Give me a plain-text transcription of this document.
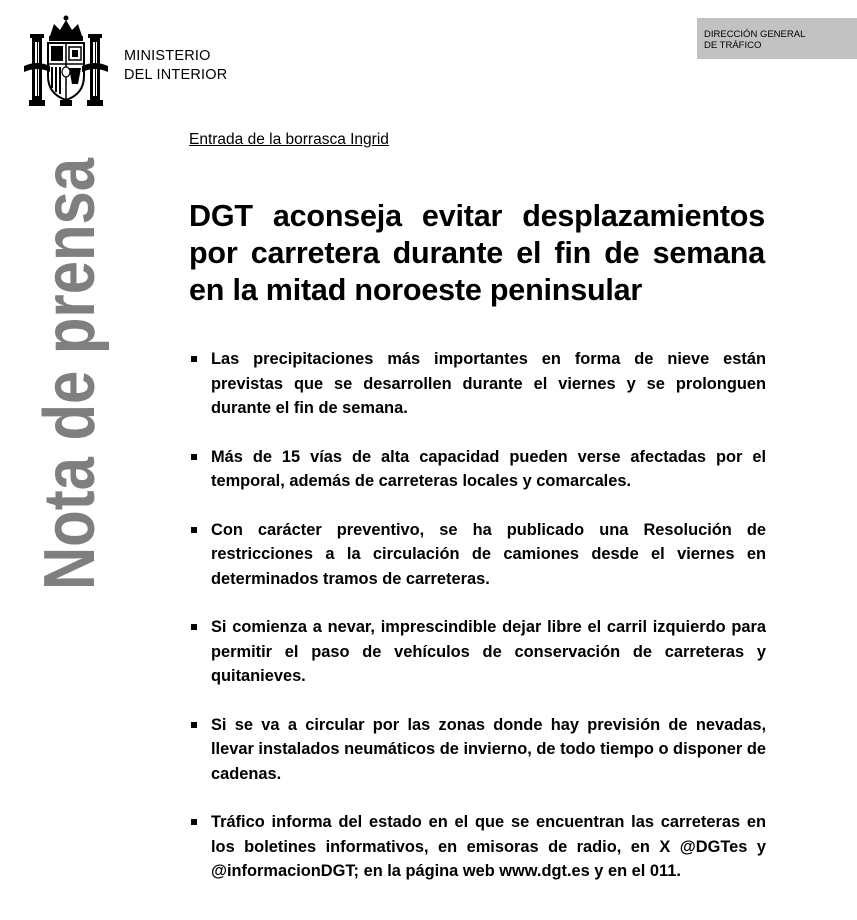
MINISTERIO
DEL INTERIOR
DIRECCIÓN GENERAL
DE TRÁFICO
Nota de prensa	Entrada de la borrasca Ingrid
DGT aconseja evitar desplazamientos por carretera durante el fin de semana en la mitad noroeste peninsular
Las precipitaciones más importantes en forma de nieve están previstas que se desarrollen durante el viernes y se prolonguen durante el fin de semana.
Más de 15 vías de alta capacidad pueden verse afectadas por el temporal, además de carreteras locales y comarcales.
Con carácter preventivo, se ha publicado una Resolución de restricciones a la circulación de camiones desde el viernes en determinados tramos de carreteras.
Si comienza a nevar, imprescindible dejar libre el carril izquierdo para permitir el paso de vehículos de conservación de carreteras y quitanieves.
Si se va a circular por las zonas donde hay previsión de nevadas, llevar instalados neumáticos de invierno, de todo tiempo o disponer de cadenas.
Tráfico informa del estado en el que se encuentran las carreteras en los boletines informativos, en emisoras de radio, en X @DGTes y @informacionDGT; en la página web www.dgt.es y en el 011.
